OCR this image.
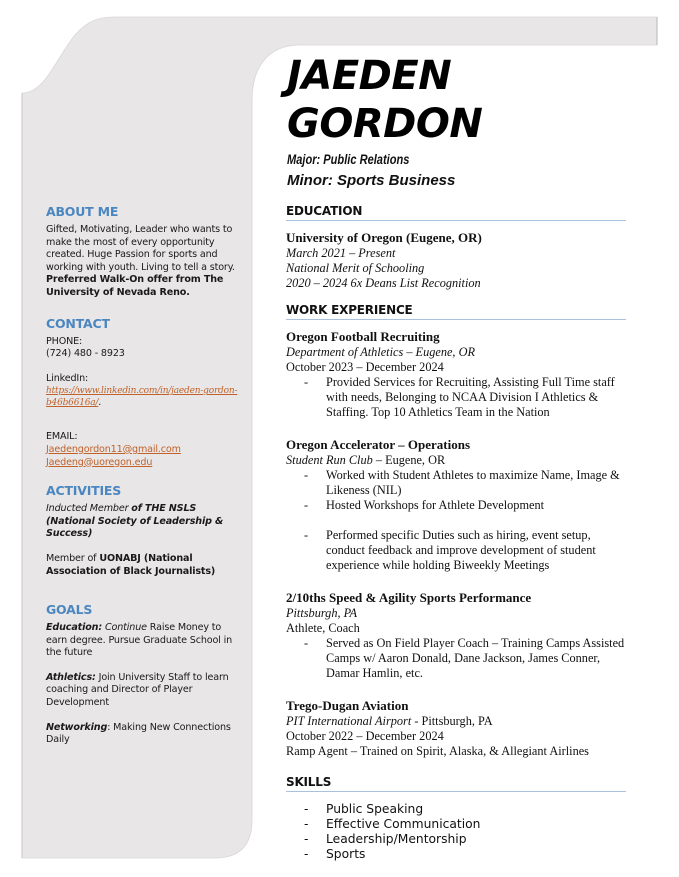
JAEDEN
GORDON
Major: Public Relations
Minor: Sports Business
ABOUT ME

Gifted, Motivating, Leader who wants to make the most of every opportunity created. Huge Passion for sports and working with youth. Living to tell a story. Preferred Walk-On offer from The University of Nevada Reno.

CONTACT

PHONE:

(724) 480 - 8923

LinkedIn:

https://www.linkedin.com/in/jaeden-gordon-b46b6616a/.

EMAIL:

Jaedengordon11@gmail.com

Jaedeng@uoregon.edu

ACTIVITIES

Inducted Member of THE NSLS (National Society of Leadership & Success)

Member of UONABJ (National Association of Black Journalists)

GOALS

Education: Continue Raise Money to earn degree. Pursue Graduate School in the future

Athletics: Join University Staff to learn coaching and Director of Player Development

Networking: Making New Connections Daily

EDUCATION
University of Oregon (Eugene, OR)
March 2021 – Present
National Merit of Schooling
2020 – 2024 6x Deans List Recognition
WORK EXPERIENCE
Oregon Football Recruiting
Department of Athletics – Eugene, OR
October 2023 – December 2024
- Provided Services for Recruiting, Assisting Full Time staff with needs, Belonging to NCAA Division I Athletics & Staffing. Top 10 Athletics Team in the Nation
Oregon Accelerator – Operations
Student Run Club – Eugene, OR
- Worked with Student Athletes to maximize Name, Image & Likeness (NIL)
- Hosted Workshops for Athlete Development
- Performed specific Duties such as hiring, event setup, conduct feedback and improve development of student experience while holding Biweekly Meetings
2/10ths Speed & Agility Sports Performance
Pittsburgh, PA
Athlete, Coach
- Served as On Field Player Coach – Training Camps Assisted Camps w/ Aaron Donald, Dane Jackson, James Conner, Damar Hamlin, etc.
Trego-Dugan Aviation
PIT International Airport - Pittsburgh, PA
October 2022 – December 2024
Ramp Agent – Trained on Spirit, Alaska, & Allegiant Airlines
SKILLS
- Public Speaking
- Effective Communication
- Leadership/Mentorship
- Sports
